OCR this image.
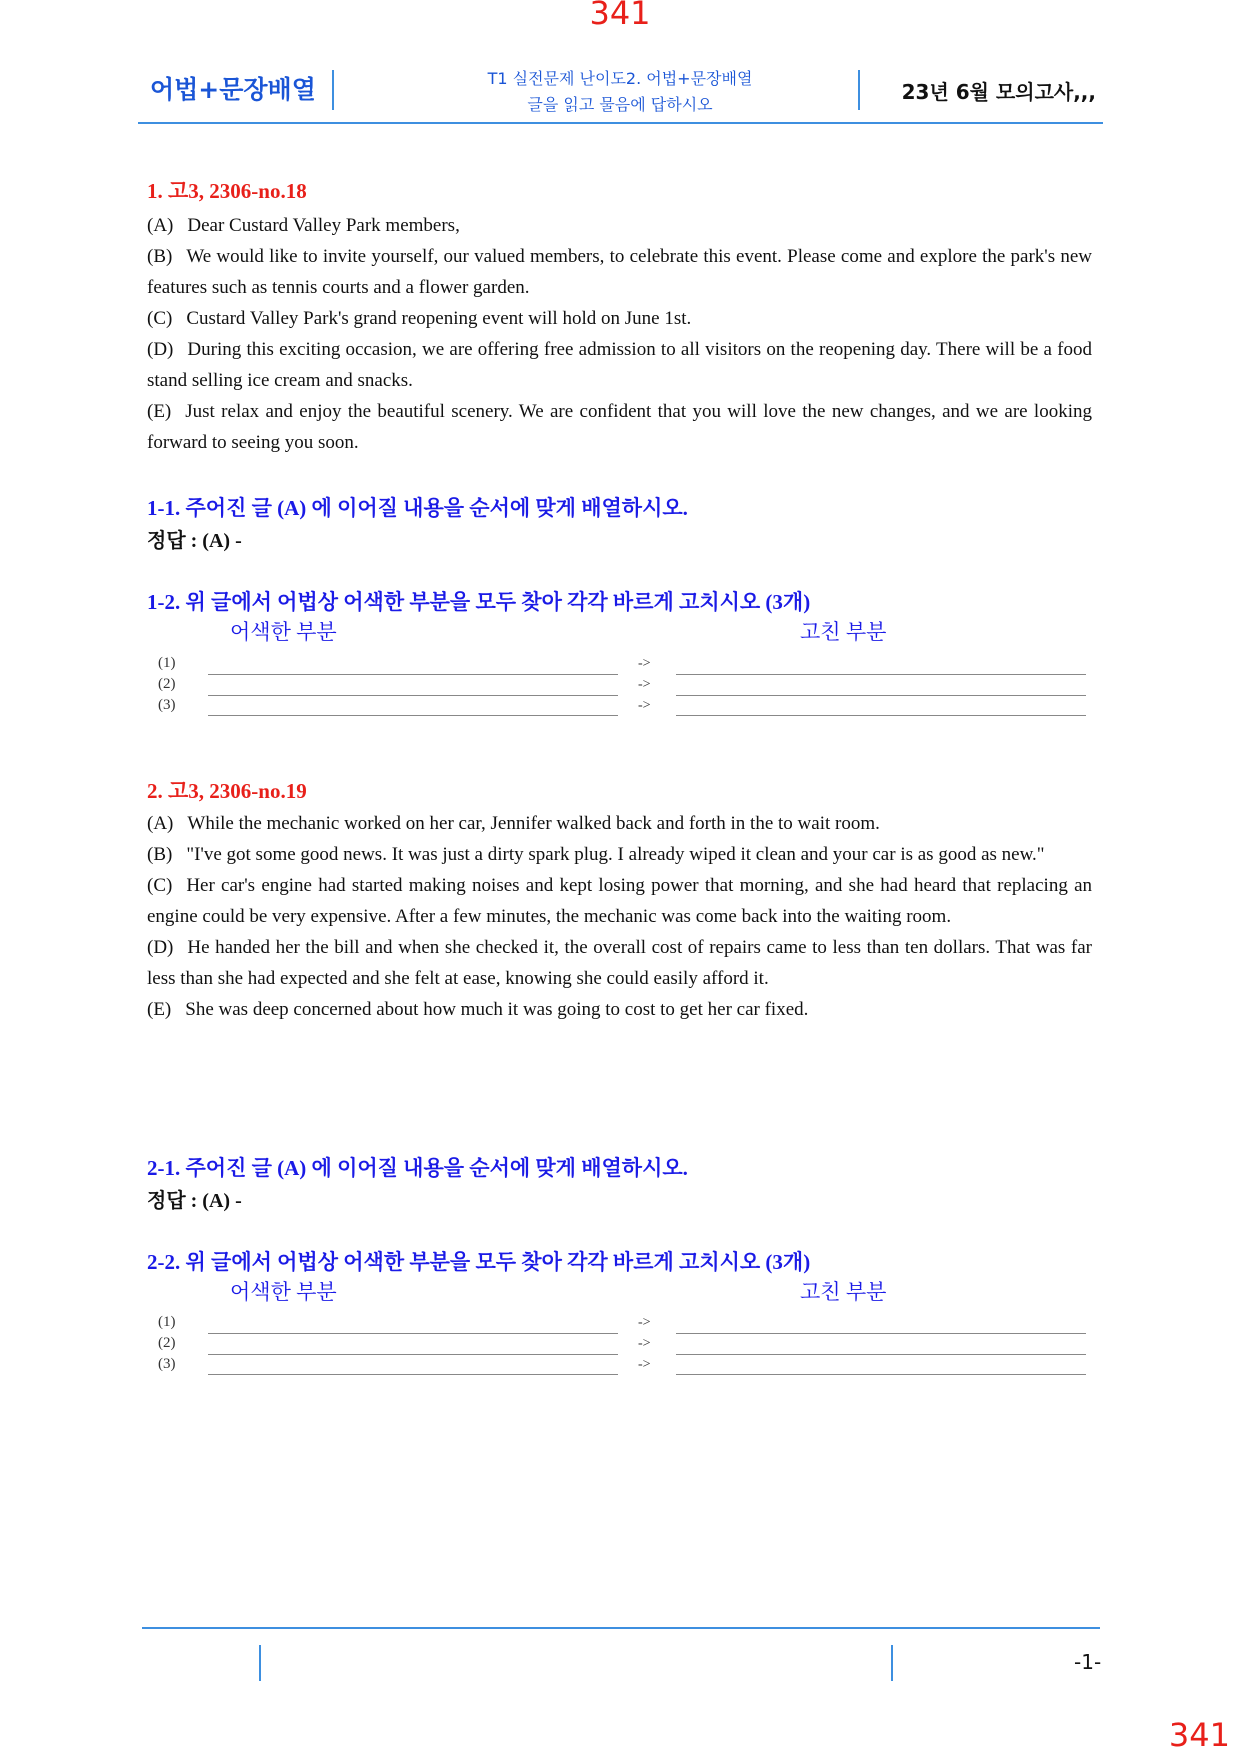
341
어법+문장배열	T1 실전문제 난이도2. 어법+문장배열
글을 읽고 물음에 답하시오
23년 6월 모의고사,,,
1. 고3, 2306-no.18

(A) Dear Custard Valley Park members,

(B) We would like to invite yourself, our valued members, to celebrate this event. Please come and explore the park's new features such as tennis courts and a flower garden.

(C) Custard Valley Park's grand reopening event will hold on June 1st.

(D) During this exciting occasion, we are offering free admission to all visitors on the reopening day. There will be a food stand selling ice cream and snacks.

(E) Just relax and enjoy the beautiful scenery. We are confident that you will love the new changes, and we are looking forward to seeing you soon.

1-1. 주어진 글 (A) 에 이어질 내용을 순서에 맞게 배열하시오.
정답 : (A) -
1-2. 위 글에서 어법상 어색한 부분을 모두 찾아 각각 바르게 고치시오 (3개)
어색한 부분	고친 부분
(1)	->
(2)	->
(3)	->
2. 고3, 2306-no.19

(A) While the mechanic worked on her car, Jennifer walked back and forth in the to wait room.

(B) "I've got some good news. It was just a dirty spark plug. I already wiped it clean and your car is as good as new."

(C) Her car's engine had started making noises and kept losing power that morning, and she had heard that replacing an engine could be very expensive. After a few minutes, the mechanic was come back into the waiting room.

(D) He handed her the bill and when she checked it, the overall cost of repairs came to less than ten dollars. That was far less than she had expected and she felt at ease, knowing she could easily afford it.

(E) She was deep concerned about how much it was going to cost to get her car fixed.

2-1. 주어진 글 (A) 에 이어질 내용을 순서에 맞게 배열하시오.
정답 : (A) -
2-2. 위 글에서 어법상 어색한 부분을 모두 찾아 각각 바르게 고치시오 (3개)
어색한 부분	고친 부분
(1)	->
(2)	->
(3)	->
-1-
341
